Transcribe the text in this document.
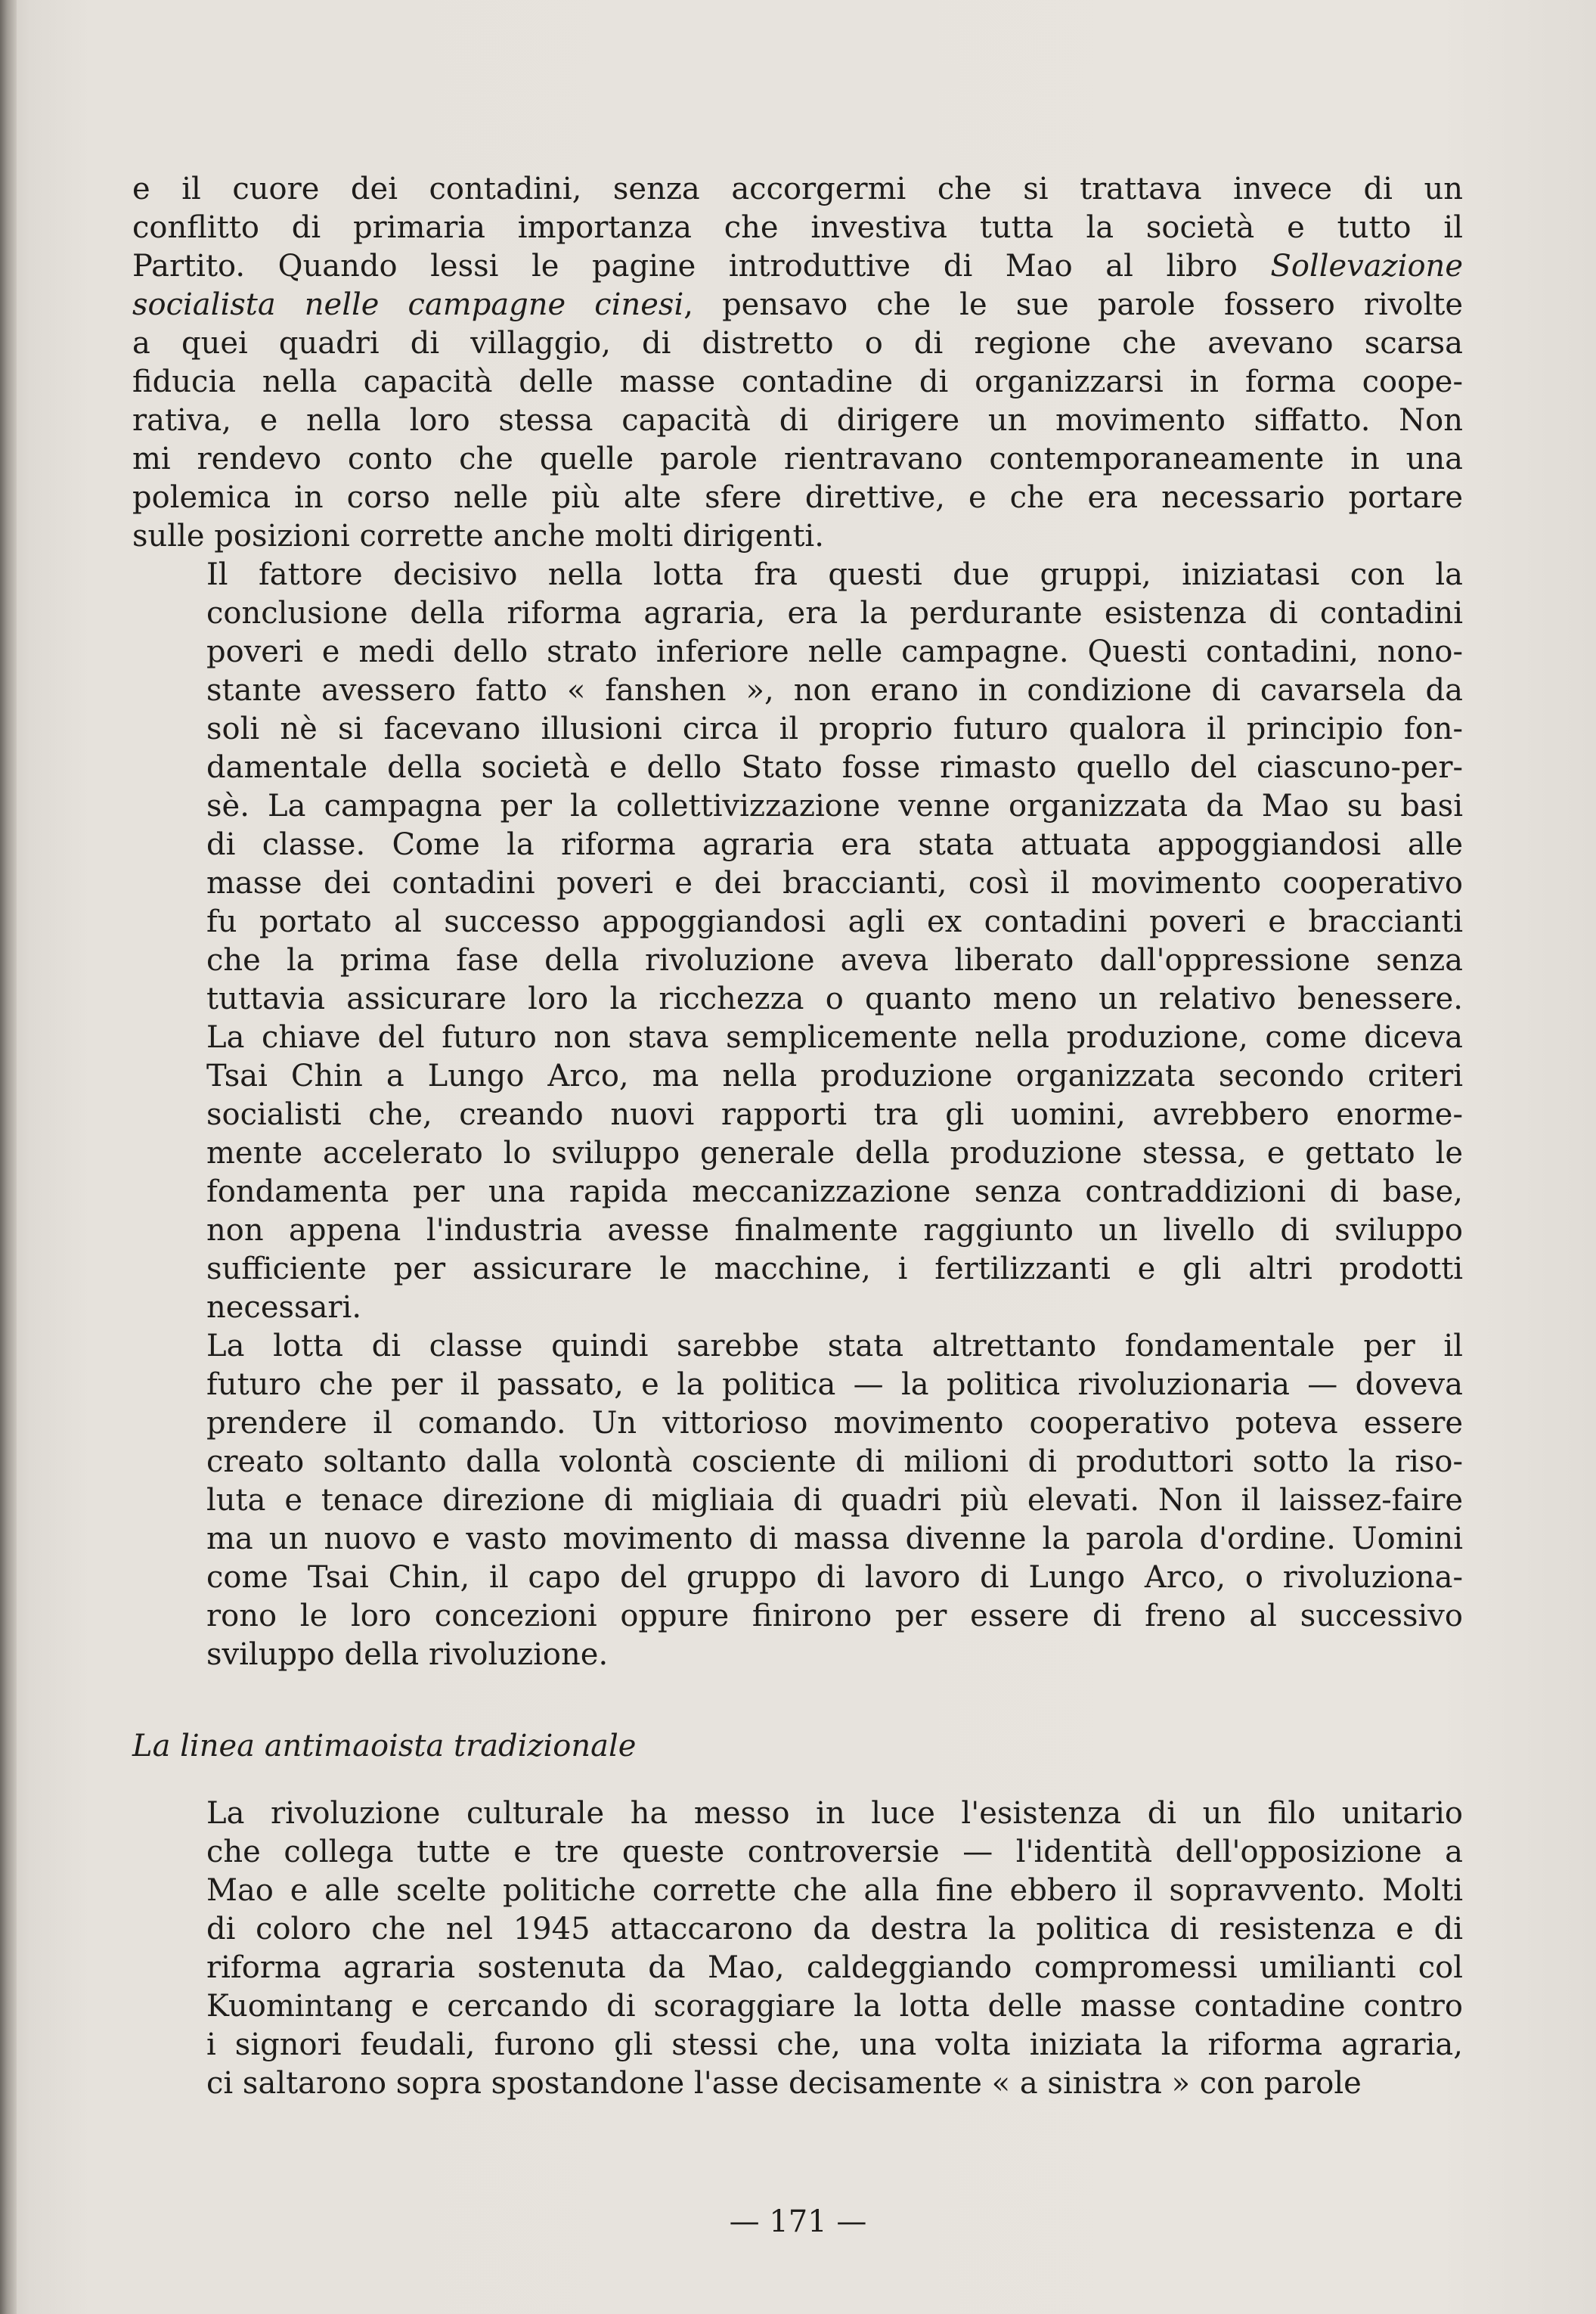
e il cuore dei contadini, senza accorgermi che si trattava invece di un
conflitto di primaria importanza che investiva tutta la società e tutto il
Partito. Quando lessi le pagine introduttive di Mao al libro Sollevazione
socialista nelle campagne cinesi, pensavo che le sue parole fossero rivolte
a quei quadri di villaggio, di distretto o di regione che avevano scarsa
fiducia nella capacità delle masse contadine di organizzarsi in forma coope-
rativa, e nella loro stessa capacità di dirigere un movimento siffatto. Non
mi rendevo conto che quelle parole rientravano contemporaneamente in una
polemica in corso nelle più alte sfere direttive, e che era necessario portare
sulle posizioni corrette anche molti dirigenti.

Il fattore decisivo nella lotta fra questi due gruppi, iniziatasi con la
conclusione della riforma agraria, era la perdurante esistenza di contadini
poveri e medi dello strato inferiore nelle campagne. Questi contadini, nono-
stante avessero fatto « fanshen », non erano in condizione di cavarsela da
soli nè si facevano illusioni circa il proprio futuro qualora il principio fon-
damentale della società e dello Stato fosse rimasto quello del ciascuno-per-
sè. La campagna per la collettivizzazione venne organizzata da Mao su basi
di classe. Come la riforma agraria era stata attuata appoggiandosi alle
masse dei contadini poveri e dei braccianti, così il movimento cooperativo
fu portato al successo appoggiandosi agli ex contadini poveri e braccianti
che la prima fase della rivoluzione aveva liberato dall'oppressione senza
tuttavia assicurare loro la ricchezza o quanto meno un relativo benessere.
La chiave del futuro non stava semplicemente nella produzione, come diceva
Tsai Chin a Lungo Arco, ma nella produzione organizzata secondo criteri
socialisti che, creando nuovi rapporti tra gli uomini, avrebbero enorme-
mente accelerato lo sviluppo generale della produzione stessa, e gettato le
fondamenta per una rapida meccanizzazione senza contraddizioni di base,
non appena l'industria avesse finalmente raggiunto un livello di sviluppo
sufficiente per assicurare le macchine, i fertilizzanti e gli altri prodotti
necessari.

La lotta di classe quindi sarebbe stata altrettanto fondamentale per il
futuro che per il passato, e la politica — la politica rivoluzionaria — doveva
prendere il comando. Un vittorioso movimento cooperativo poteva essere
creato soltanto dalla volontà cosciente di milioni di produttori sotto la riso-
luta e tenace direzione di migliaia di quadri più elevati. Non il laissez-faire
ma un nuovo e vasto movimento di massa divenne la parola d'ordine. Uomini
come Tsai Chin, il capo del gruppo di lavoro di Lungo Arco, o rivoluziona-
rono le loro concezioni oppure finirono per essere di freno al successivo
sviluppo della rivoluzione.

La linea antimaoista tradizionale

La rivoluzione culturale ha messo in luce l'esistenza di un filo unitario
che collega tutte e tre queste controversie — l'identità dell'opposizione a
Mao e alle scelte politiche corrette che alla fine ebbero il sopravvento. Molti
di coloro che nel 1945 attaccarono da destra la politica di resistenza e di
riforma agraria sostenuta da Mao, caldeggiando compromessi umilianti col
Kuomintang e cercando di scoraggiare la lotta delle masse contadine contro
i signori feudali, furono gli stessi che, una volta iniziata la riforma agraria,
ci saltarono sopra spostandone l'asse decisamente « a sinistra » con parole

— 171 —
